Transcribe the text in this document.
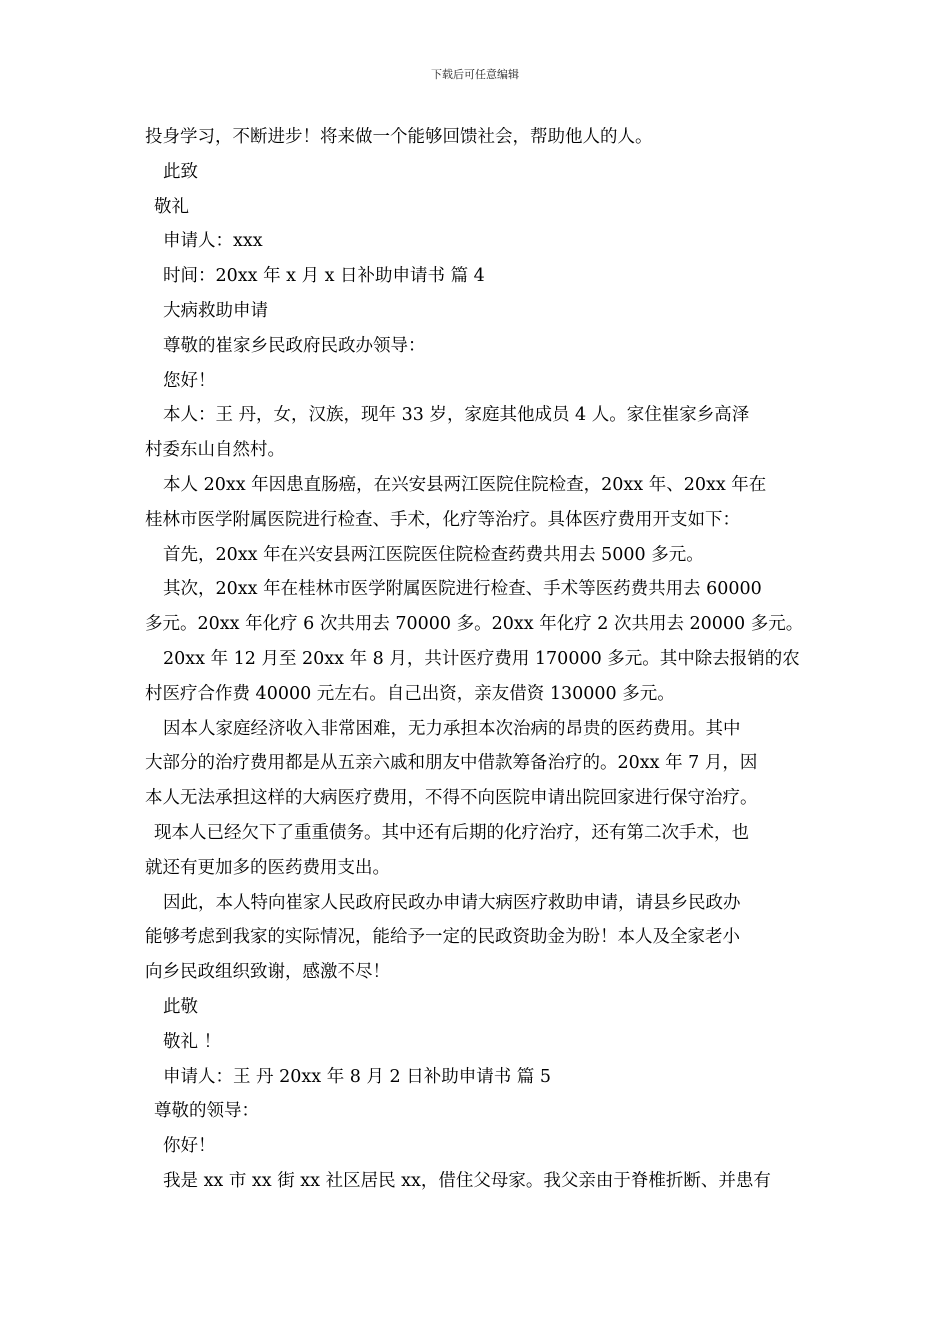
下载后可任意编辑
投身学习，不断进步！将来做一个能够回馈社会，帮助他人的人。
此致
敬礼
申请人：xxx
时间：20xx 年 x 月 x 日补助申请书 篇 4
大病救助申请
尊敬的崔家乡民政府民政办领导：
您好！
本人：王 丹，女，汉族，现年 33 岁，家庭其他成员 4 人。家住崔家乡高泽
村委东山自然村。
本人 20xx 年因患直肠癌，在兴安县两江医院住院检查，20xx 年、20xx 年在
桂林市医学附属医院进行检查、手术，化疗等治疗。具体医疗费用开支如下：
首先，20xx 年在兴安县两江医院医住院检查药费共用去 5000 多元。
其次，20xx 年在桂林市医学附属医院进行检查、手术等医药费共用去 60000
多元。20xx 年化疗 6 次共用去 70000 多。20xx 年化疗 2 次共用去 20000 多元。
20xx 年 12 月至 20xx 年 8 月，共计医疗费用 170000 多元。其中除去报销的农
村医疗合作费 40000 元左右。自己出资，亲友借资 130000 多元。
因本人家庭经济收入非常困难，无力承担本次治病的昂贵的医药费用。其中
大部分的治疗费用都是从五亲六戚和朋友中借款筹备治疗的。20xx 年 7 月，因
本人无法承担这样的大病医疗费用，不得不向医院申请出院回家进行保守治疗。
现本人已经欠下了重重债务。其中还有后期的化疗治疗，还有第二次手术，也
就还有更加多的医药费用支出。
因此，本人特向崔家人民政府民政办申请大病医疗救助申请，请县乡民政办
能够考虑到我家的实际情况，能给予一定的民政资助金为盼！本人及全家老小
向乡民政组织致谢，感激不尽！
此敬
敬礼 ！
申请人：王 丹 20xx 年 8 月 2 日补助申请书 篇 5
尊敬的领导：
你好！
我是 xx 市 xx 街 xx 社区居民 xx，借住父母家。我父亲由于脊椎折断、并患有
